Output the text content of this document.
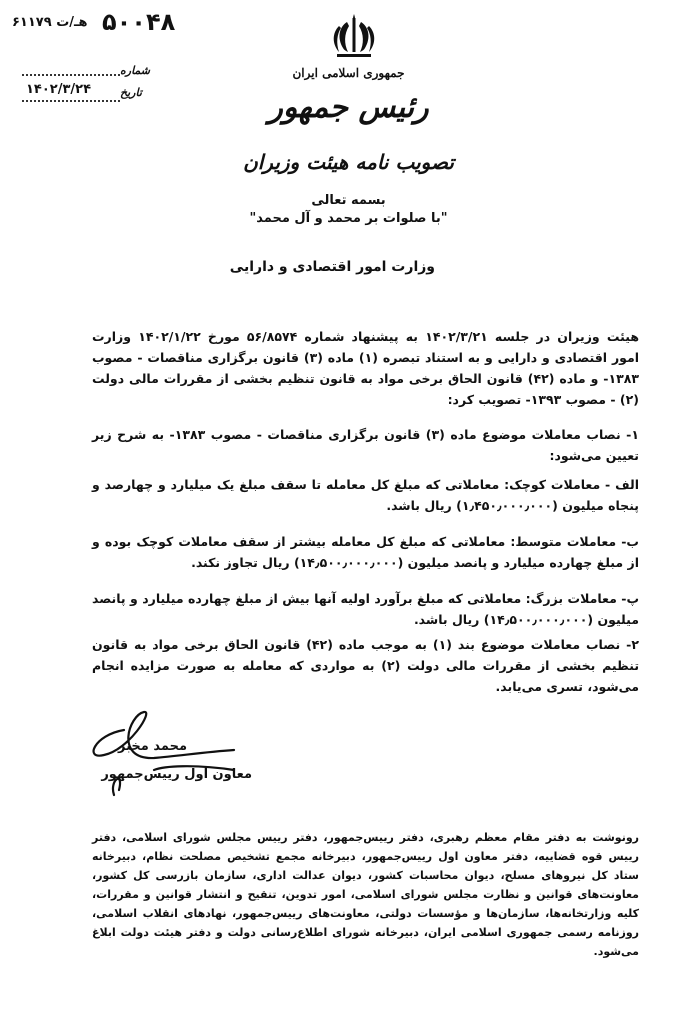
۵۰۰۴۸
۶۱۱۷۹ هـ/ت
شماره
تاریخ
۱۴۰۲/۳/۲۴
جمهوری اسلامی ایران
رئیس جمهور
تصویب نامه هیئت وزیران
بسمه تعالی
"با صلوات بر محمد و آل محمد"
وزارت امور اقتصادی و دارایی

هیئت وزیران در جلسه ۱۴۰۲/۳/۲۱ به پیشنهاد شماره ۵۶/۸۵۷۴ مورخ ۱۴۰۲/۱/۲۲ وزارت امور اقتصادی و دارایی و به استناد تبصره (۱) ماده (۳) قانون برگزاری مناقصات - مصوب ۱۳۸۳- و ماده (۴۲) قانون الحاق برخی مواد به قانون تنظیم بخشی از مقررات مالی دولت (۲) - مصوب ۱۳۹۳- تصویب کرد:

۱- نصاب معاملات موضوع ماده (۳) قانون برگزاری مناقصات - مصوب ۱۳۸۳- به شرح زیر تعیین می‌شود:

الف - معاملات کوچک: معاملاتی که مبلغ کل معامله تا سقف مبلغ یک میلیارد و چهارصد و پنجاه میلیون (۱٫۴۵۰٫۰۰۰٫۰۰۰) ریال باشد.

ب- معاملات متوسط: معاملاتی که مبلغ کل معامله بیشتر از سقف معاملات کوچک بوده و از مبلغ چهارده میلیارد و پانصد میلیون (۱۴٫۵۰۰٫۰۰۰٫۰۰۰) ریال تجاوز نکند.

پ- معاملات بزرگ: معاملاتی که مبلغ برآورد اولیه آنها بیش از مبلغ چهارده میلیارد و پانصد میلیون (۱۴٫۵۰۰٫۰۰۰٫۰۰۰) ریال باشد.

۲- نصاب معاملات موضوع بند (۱) به موجب ماده (۴۲) قانون الحاق برخی مواد به قانون تنظیم بخشی از مقررات مالی دولت (۲) به مواردی که معامله به صورت مزایده انجام می‌شود، تسری می‌یابد.

محمد مخبر
معاون اول رییس‌جمهور

رونوشت به دفتر مقام معظم رهبری، دفتر رییس‌جمهور، دفتر رییس مجلس شورای اسلامی، دفتر رییس قوه قضاییه، دفتر معاون اول رییس‌جمهور، دبیرخانه مجمع تشخیص مصلحت نظام، دبیرخانه ستاد کل نیروهای مسلح، دیوان محاسبات کشور، دیوان عدالت اداری، سازمان بازرسی کل کشور، معاونت‌های قوانین و نظارت مجلس شورای اسلامی، امور تدوین، تنقیح و انتشار قوانین و مقررات، کلیه وزارتخانه‌ها، سازمان‌ها و مؤسسات دولتی، معاونت‌های رییس‌جمهور، نهادهای انقلاب اسلامی، روزنامه رسمی جمهوری اسلامی ایران، دبیرخانه شورای اطلاع‌رسانی دولت و دفتر هیئت دولت ابلاغ می‌شود.
